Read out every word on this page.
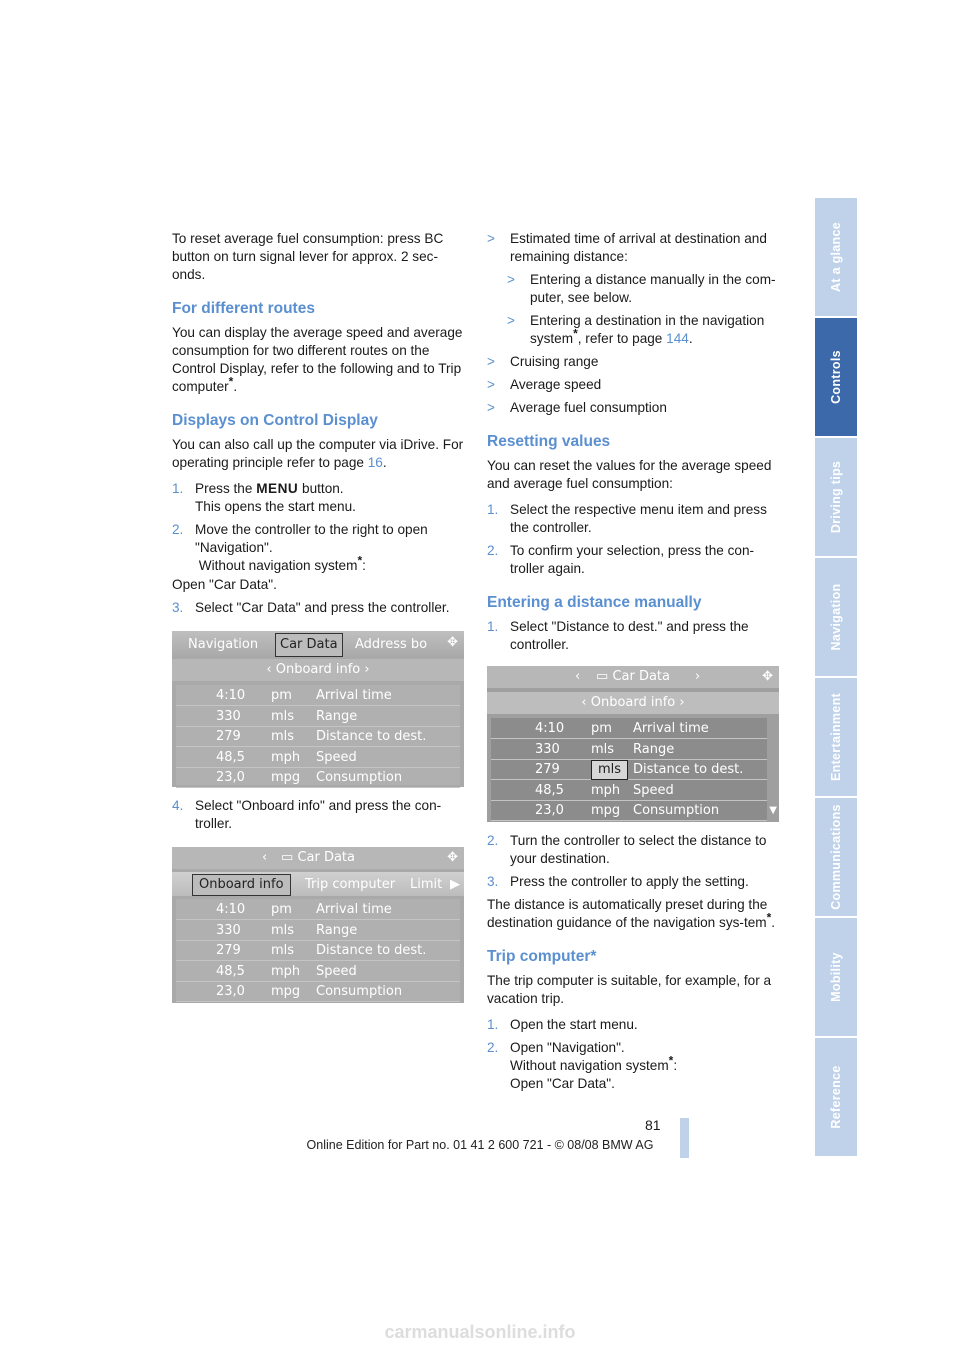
To reset average fuel consumption: press BC button on turn signal lever for approx. 2 sec-onds.

For different routes

You can display the average speed and average consumption for two different routes on the Control Display, refer to the following and to Trip computer*.

Displays on Control Display

You can also call up the computer via iDrive. For operating principle refer to page 16.

1. Press the MENU button.
This opens the start menu.
2. Move the controller to the right to open "Navigation".
Without navigation system*:
Open "Car Data".
3. Select "Car Data" and press the controller.
Navigation	Car Data	Address bo ✥
‹ Onboard info ›
4:10 pm Arrival time
330 mls Range
279 mls Distance to dest.
48,5 mph Speed
23,0 mpg Consumption
4. Select "Onboard info" and press the con-troller.
‹ ▭ Car Data	✥
Onboard info	Trip computer Limit ▶
4:10 pm Arrival time
330 mls Range
279 mls Distance to dest.
48,5 mph Speed
23,0 mpg Consumption
>	Estimated time of arrival at destination and remaining distance:
>	Entering a distance manually in the com-puter, see below.
>	Entering a destination in the navigation system*, refer to page 144.
>	Cruising range
>	Average speed
>	Average fuel consumption
Resetting values

You can reset the values for the average speed and average fuel consumption:

1. Select the respective menu item and press the controller.
2. To confirm your selection, press the con-troller again.
Entering a distance manually
1. Select "Distance to dest." and press the controller.
‹ ▭ Car Data ›	✥
‹ Onboard info ›
▼
4:10 pm Arrival time
330 mls Range
279	mls Distance to dest.
48,5 mph Speed
23,0 mpg Consumption
2. Turn the controller to select the distance to your destination.
3. Press the controller to apply the setting.

The distance is automatically preset during the destination guidance of the navigation sys-tem*.

Trip computer*

The trip computer is suitable, for example, for a vacation trip.

1. Open the start menu.
2. Open "Navigation".
Without navigation system*:
Open "Car Data".
At a glance
Controls
Driving tips
Navigation
Entertainment
Communications
Mobility
Reference
81
Online Edition for Part no. 01 41 2 600 721 - © 08/08 BMW AG
carmanualsonline.info
